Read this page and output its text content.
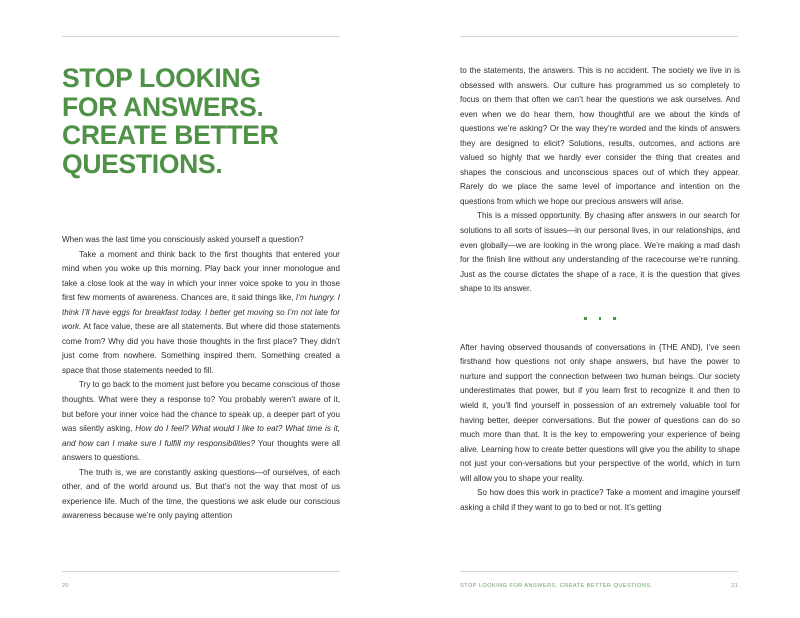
STOP LOOKING
FOR ANSWERS.
CREATE BETTER
QUESTIONS.

When was the last time you consciously asked yourself a question?

Take a moment and think back to the first thoughts that entered your mind when you woke up this morning. Play back your inner monologue and take a close look at the way in which your inner voice spoke to you in those first few moments of awareness. Chances are, it said things like, I’m hungry. I think I’ll have eggs for breakfast today. I better get moving so I’m not late for work. At face value, these are all statements. But where did those statements come from? Why did you have those thoughts in the first place? They didn’t just come from nowhere. Something inspired them. Something created a space that those statements needed to fill.

Try to go back to the moment just before you became conscious of those thoughts. What were they a response to? You probably weren’t aware of it, but before your inner voice had the chance to speak up, a deeper part of you was silently asking, How do I feel? What would I like to eat? What time is it, and how can I make sure I fulfill my responsibilities? Your thoughts were all answers to questions.

The truth is, we are constantly asking questions—of ourselves, of each other, and of the world around us. But that’s not the way that most of us experience life. Much of the time, the questions we ask elude our conscious awareness because we’re only paying attention

20

to the statements, the answers. This is no accident. The society we live in is obsessed with answers. Our culture has programmed us so completely to focus on them that often we can’t hear the questions we ask ourselves. And even when we do hear them, how thoughtful are we about the kinds of questions we’re asking? Or the way they’re worded and the kinds of answers they are designed to elicit? Solutions, results, outcomes, and actions are valued so highly that we hardly ever consider the thing that creates and shapes the conscious and unconscious spaces out of which they appear. Rarely do we place the same level of importance and intention on the questions from which we hope our precious answers will arise.

This is a missed opportunity. By chasing after answers in our search for solutions to all sorts of issues—in our personal lives, in our relationships, and even globally—we are looking in the wrong place. We’re making a mad dash for the finish line without any understanding of the racecourse we’re running. Just as the course dictates the shape of a race, it is the question that gives shape to its answer.

After having observed thousands of conversations in {THE AND}, I’ve seen firsthand how questions not only shape answers, but have the power to nurture and support the connection between two human beings. Our society underestimates that power, but if you learn first to recognize it and then to wield it, you’ll find yourself in possession of an extremely valuable tool for having better, deeper conversations. But the power of questions can do so much more than that. It is the key to empowering your experience of being alive. Learning how to create better questions will give you the ability to shape not just your con-versations but your perspective of the world, which in turn will allow you to shape your reality.

So how does this work in practice? Take a moment and imagine yourself asking a child if they want to go to bed or not. It’s getting

STOP LOOKING FOR ANSWERS. CREATE BETTER QUESTIONS.	21
